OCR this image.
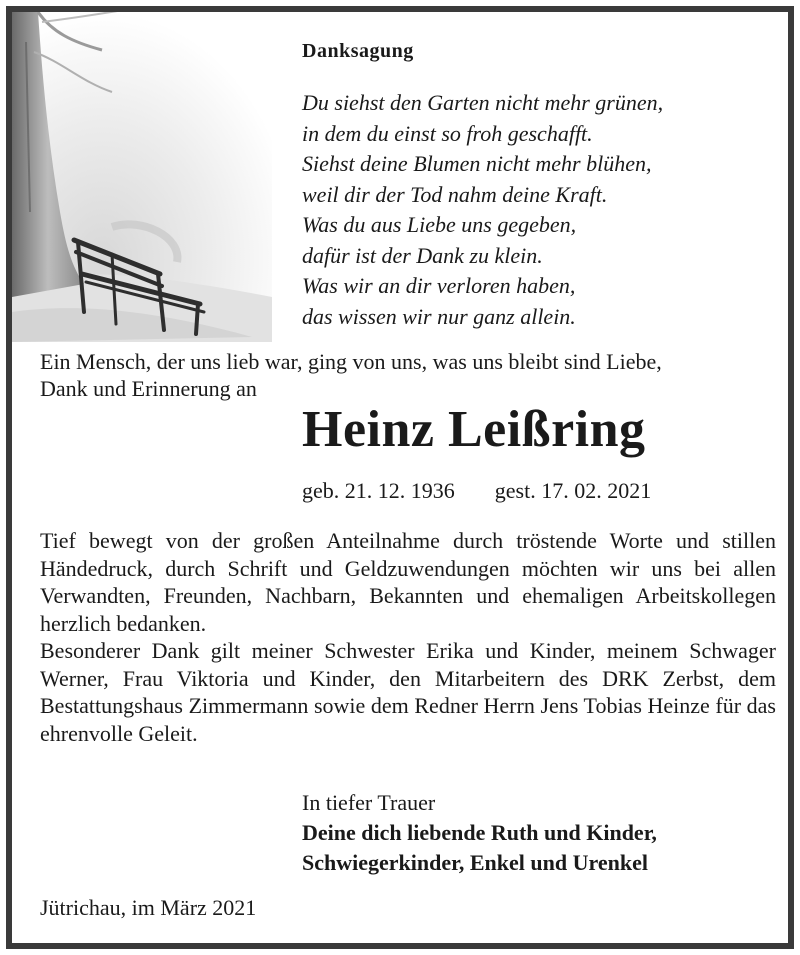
Danksagung
Du siehst den Garten nicht mehr grünen,
in dem du einst so froh geschafft.
Siehst deine Blumen nicht mehr blühen,
weil dir der Tod nahm deine Kraft.
Was du aus Liebe uns gegeben,
dafür ist der Dank zu klein.
Was wir an dir verloren haben,
das wissen wir nur ganz allein.
Ein Mensch, der uns lieb war, ging von uns, was uns bleibt sind Liebe,
Dank und Erinnerung an
Heinz Leißring
geb. 21. 12. 1936 gest. 17. 02. 2021
Tief bewegt von der großen Anteilnahme durch tröstende Worte und stillen Händedruck, durch Schrift und Geldzuwendungen möchten wir uns bei allen Verwandten, Freunden, Nachbarn, Bekannten und ehemaligen Arbeitskollegen herzlich bedanken.
Besonderer Dank gilt meiner Schwester Erika und Kinder, meinem Schwager Werner, Frau Viktoria und Kinder, den Mitarbeitern des DRK Zerbst, dem Bestattungshaus Zimmermann sowie dem Redner Herrn Jens Tobias Heinze für das ehrenvolle Geleit.
In tiefer Trauer
Deine dich liebende Ruth und Kinder,
Schwiegerkinder, Enkel und Urenkel
Jütrichau, im März 2021
